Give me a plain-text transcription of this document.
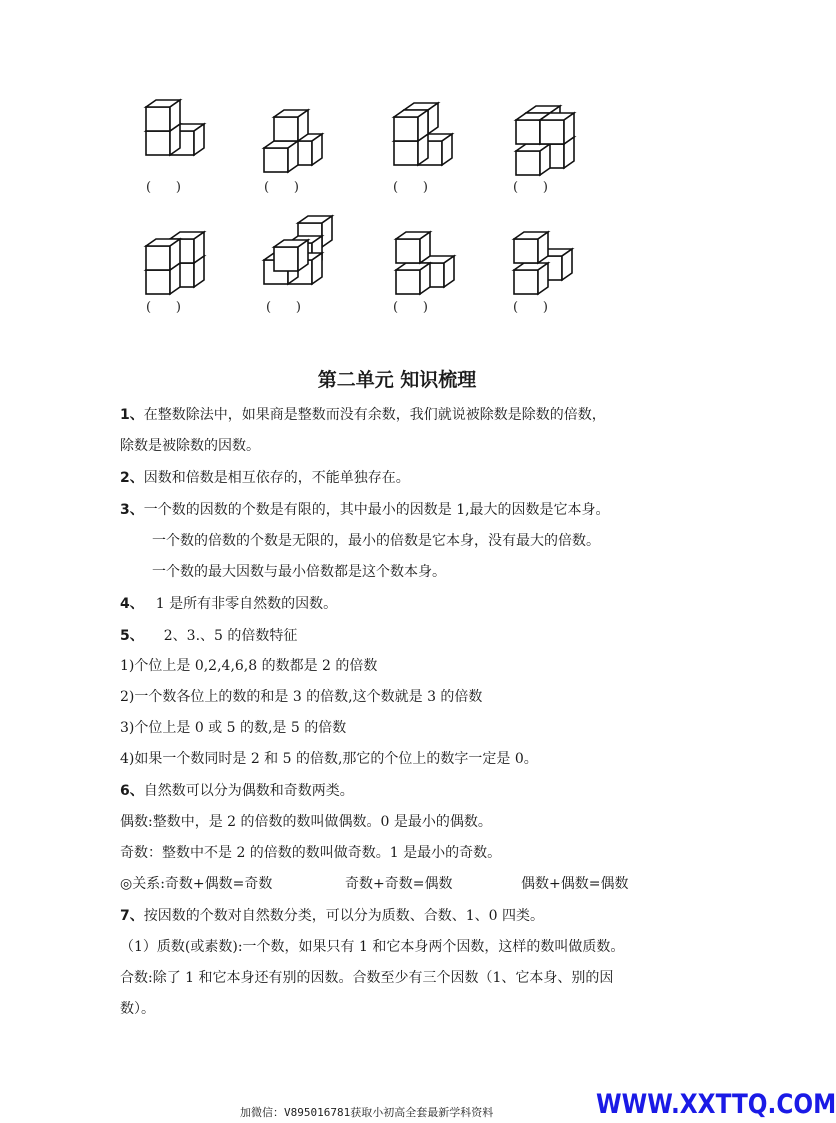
(      )	(      )	(      )	(      )
(      )	(      )	(      )	(      )
第二单元 知识梳理
1、在整数除法中，如果商是整数而没有余数，我们就说被除数是除数的倍数，
除数是被除数的因数。
2、因数和倍数是相互依存的，不能单独存在。
3、一个数的因数的个数是有限的，其中最小的因数是 1,最大的因数是它本身。
一个数的倍数的个数是无限的，最小的倍数是它本身，没有最大的倍数。
一个数的最大因数与最小倍数都是这个数本身。
4、 1 是所有非零自然数的因数。
5、 2、3.、5 的倍数特征
1)个位上是 0,2,4,6,8 的数都是 2 的倍数
2)一个数各位上的数的和是 3 的倍数,这个数就是 3 的倍数
3)个位上是 0 或 5 的数,是 5 的倍数
4)如果一个数同时是 2 和 5 的倍数,那它的个位上的数字一定是 0。
6、自然数可以分为偶数和奇数两类。
偶数:整数中，是 2 的倍数的数叫做偶数。0 是最小的偶数。
奇数：整数中不是 2 的倍数的数叫做奇数。1 是最小的奇数。
◎关系:奇数+偶数=奇数	奇数+奇数=偶数	偶数+偶数=偶数
7、按因数的个数对自然数分类，可以分为质数、合数、1、0 四类。
（1）质数(或素数):一个数，如果只有 1 和它本身两个因数，这样的数叫做质数。
合数:除了 1 和它本身还有别的因数。合数至少有三个因数（1、它本身、别的因
数）。
加微信：V895016781获取小初高全套最新学科资料	WWW.XXTTQ.COM
